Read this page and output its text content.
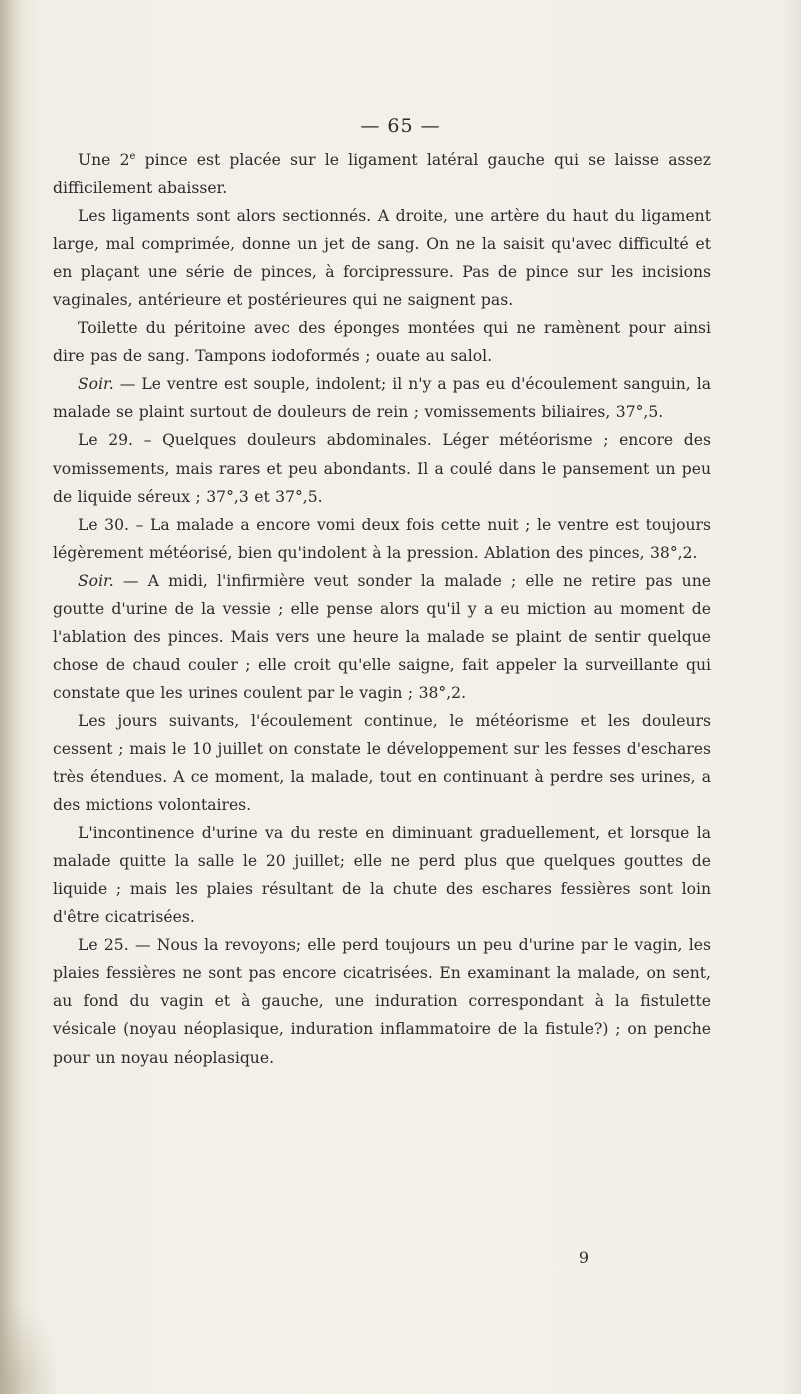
— 65 —

Une 2e pince est placée sur le ligament latéral gauche qui se laisse assez difficilement abaisser.

Les ligaments sont alors sectionnés. A droite, une artère du haut du ligament large, mal comprimée, donne un jet de sang. On ne la saisit qu'avec difficulté et en plaçant une série de pinces, à forcipressure. Pas de pince sur les incisions vaginales, antérieure et postérieures qui ne saignent pas.

Toilette du péritoine avec des éponges montées qui ne ramènent pour ainsi dire pas de sang. Tampons iodoformés ; ouate au salol.

Soir. — Le ventre est souple, indolent; il n'y a pas eu d'écoulement sanguin, la malade se plaint surtout de douleurs de rein ; vomissements biliaires, 37°,5.

Le 29. – Quelques douleurs abdominales. Léger météorisme ; encore des vomissements, mais rares et peu abondants. Il a coulé dans le pansement un peu de liquide séreux ; 37°,3 et 37°,5.

Le 30. – La malade a encore vomi deux fois cette nuit ; le ventre est toujours légèrement météorisé, bien qu'indolent à la pression. Ablation des pinces, 38°,2.

Soir. — A midi, l'infirmière veut sonder la malade ; elle ne retire pas une goutte d'urine de la vessie ; elle pense alors qu'il y a eu miction au moment de l'ablation des pinces. Mais vers une heure la malade se plaint de sentir quelque chose de chaud couler ; elle croit qu'elle saigne, fait appeler la surveillante qui constate que les urines coulent par le vagin ; 38°,2.

Les jours suivants, l'écoulement continue, le météorisme et les douleurs cessent ; mais le 10 juillet on constate le développement sur les fesses d'eschares très étendues. A ce moment, la malade, tout en continuant à perdre ses urines, a des mictions volontaires.

L'incontinence d'urine va du reste en diminuant graduellement, et lorsque la malade quitte la salle le 20 juillet; elle ne perd plus que quelques gouttes de liquide ; mais les plaies résultant de la chute des eschares fessières sont loin d'être cicatrisées.

Le 25. — Nous la revoyons; elle perd toujours un peu d'urine par le vagin, les plaies fessières ne sont pas encore cicatrisées. En examinant la malade, on sent, au fond du vagin et à gauche, une induration correspondant à la fistulette vésicale (noyau néoplasique, induration inflammatoire de la fistule?) ; on penche pour un noyau néoplasique.

9
